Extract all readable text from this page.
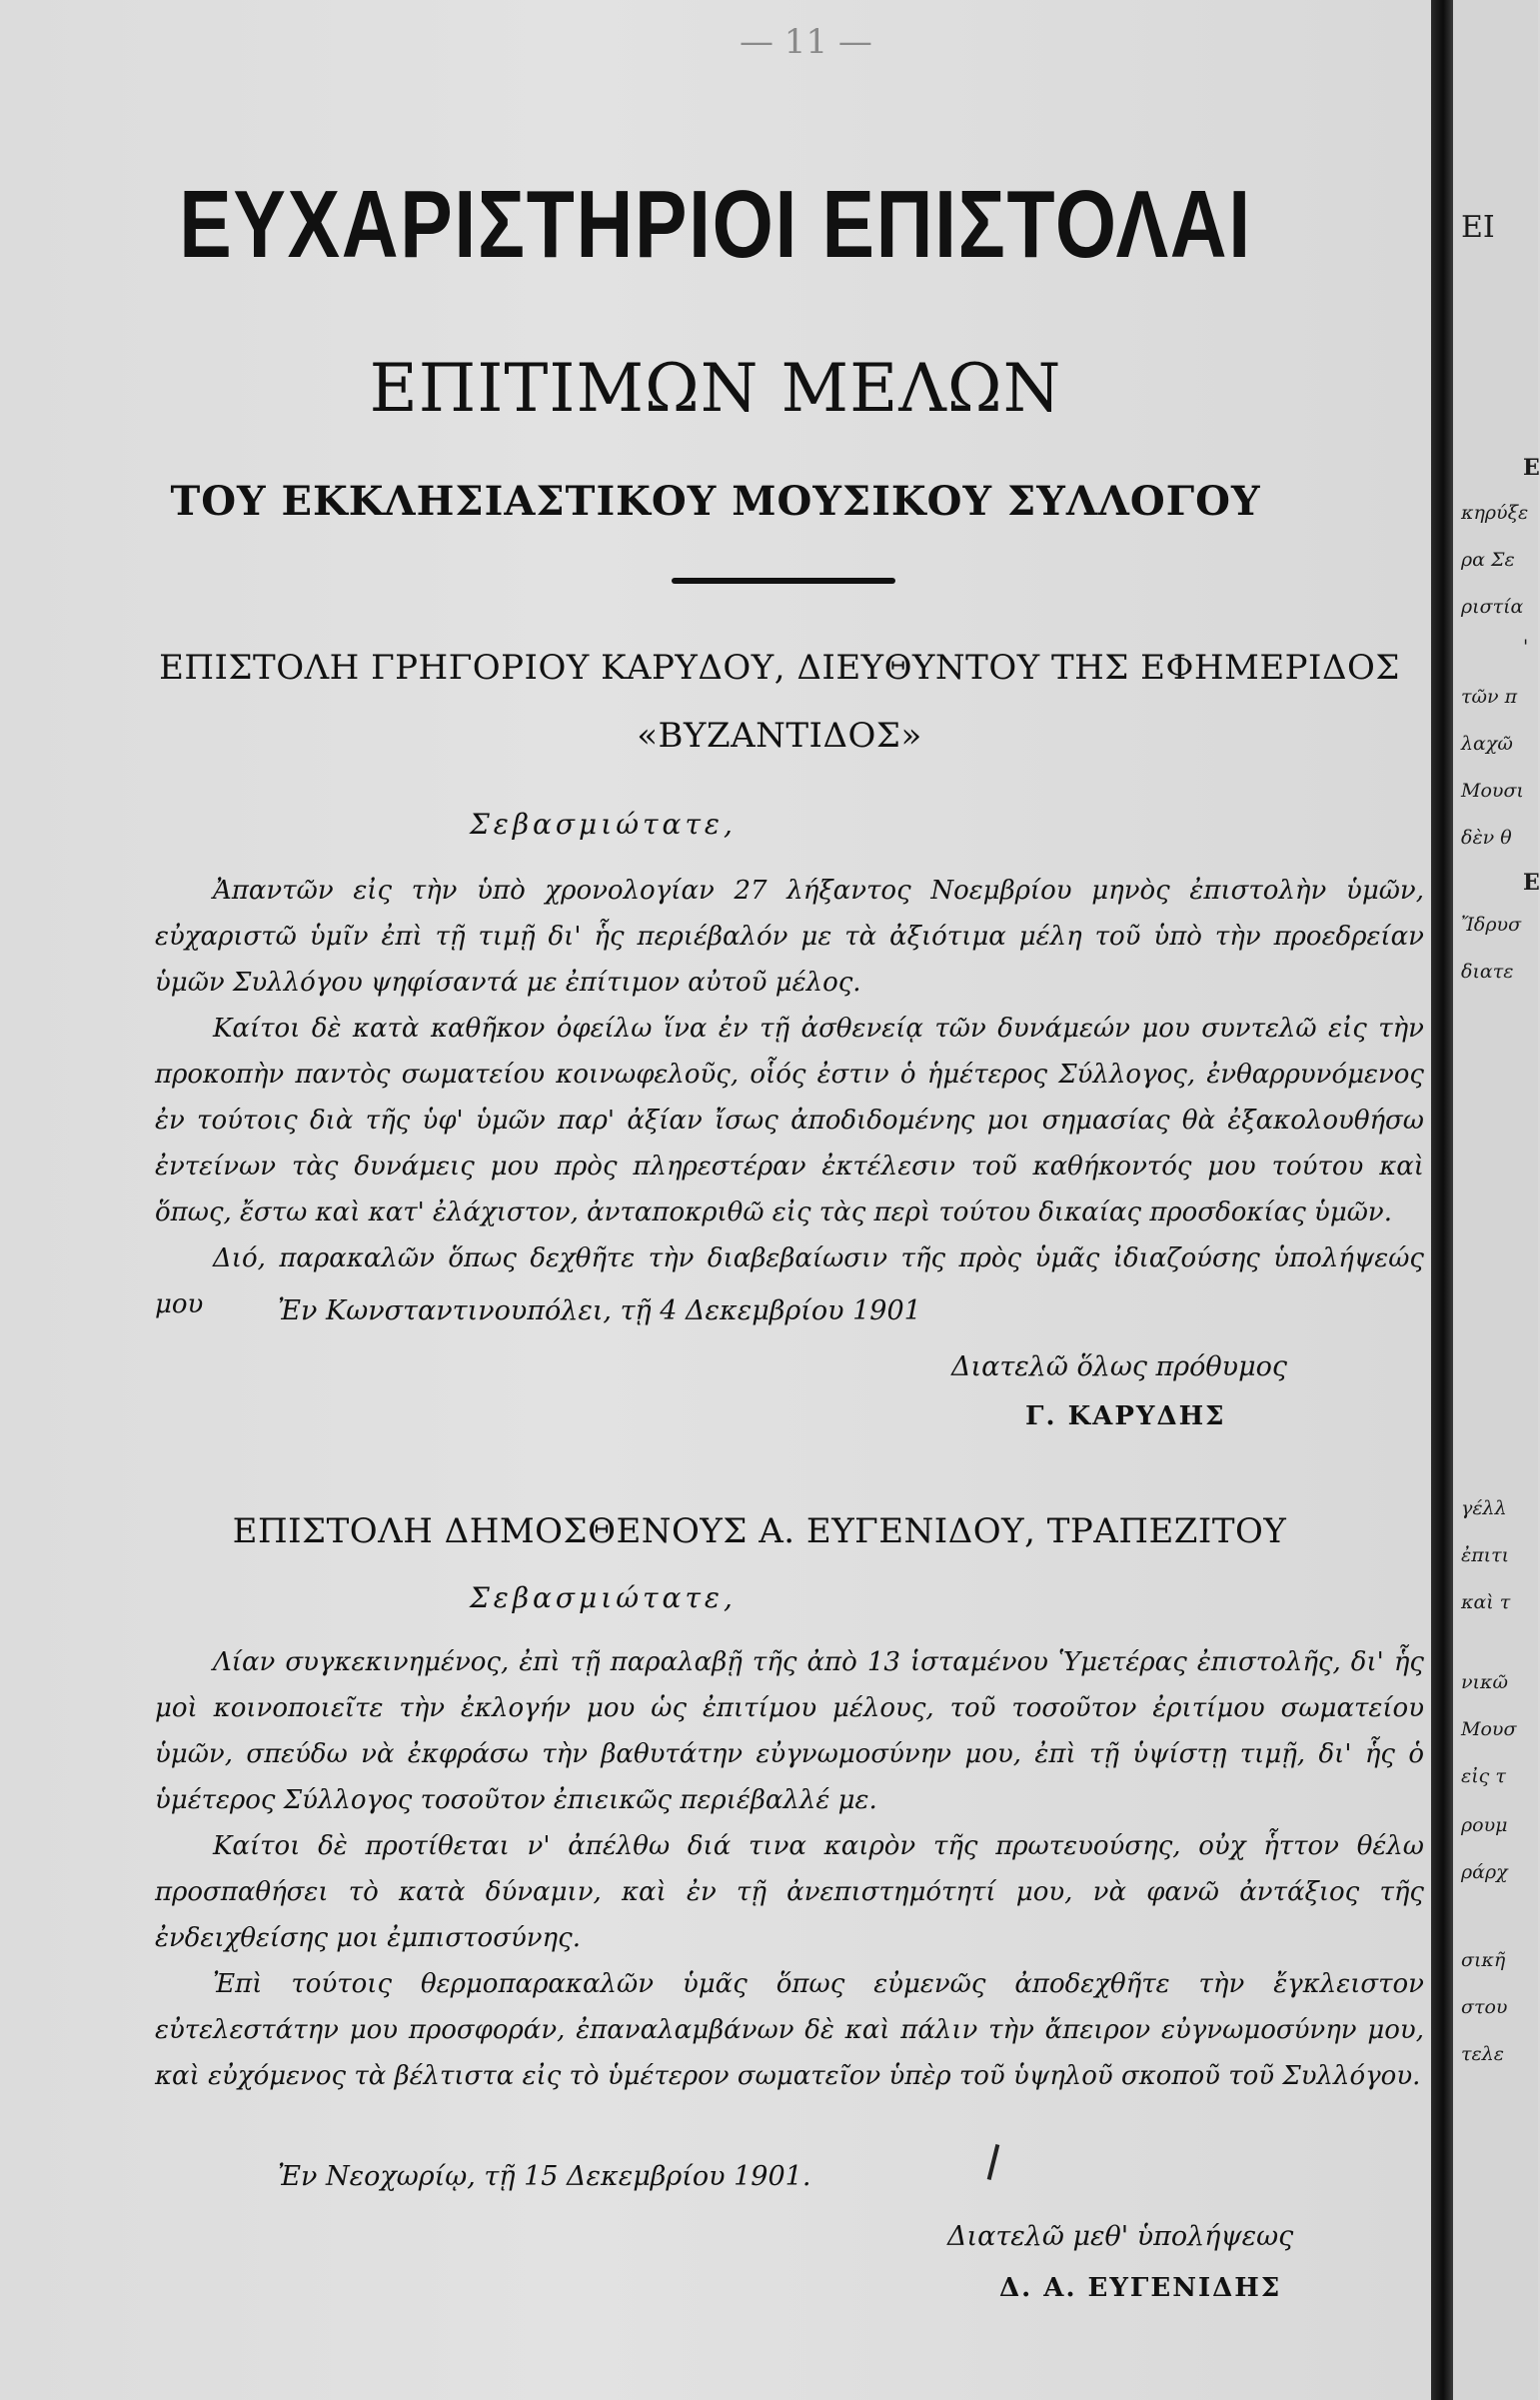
— 11 —
ΕΥΧΑΡΙΣΤΗΡΙΟΙ ΕΠΙΣΤΟΛΑΙ
ΕΠΙΤΙΜΩΝ ΜΕΛΩΝ
ΤΟΥ ΕΚΚΛΗΣΙΑΣΤΙΚΟΥ ΜΟΥΣΙΚΟΥ ΣΥΛΛΟΓΟΥ
ΕΠΙΣΤΟΛΗ ΓΡΗΓΟΡΙΟΥ ΚΑΡΥΔΟΥ, ΔΙΕΥΘΥΝΤΟΥ ΤΗΣ ΕΦΗΜΕΡΙΔΟΣ
«ΒΥΖΑΝΤΙΔΟΣ»
Σεβασμιώτατε,
Ἀπαντῶν εἰς τὴν ὑπὸ χρονολογίαν 27 λήξαντος Νοεμβρίου μηνὸς ἐπιστολὴν ὑμῶν, εὐχαριστῶ ὑμῖν ἐπὶ τῇ τιμῇ δι' ἧς περιέβαλόν με τὰ ἀξιότιμα μέλη τοῦ ὑπὸ τὴν προεδρείαν ὑμῶν Συλλόγου ψηφίσαντά με ἐπίτιμον αὐτοῦ μέλος.
Καίτοι δὲ κατὰ καθῆκον ὀφείλω ἵνα ἐν τῇ ἀσθενείᾳ τῶν δυνάμεών μου συντελῶ εἰς τὴν προκοπὴν παντὸς σωματείου κοινωφελοῦς, οἷός ἐστιν ὁ ἡμέτερος Σύλλογος, ἐνθαρρυνόμενος ἐν τούτοις διὰ τῆς ὑφ' ὑμῶν παρ' ἀξίαν ἴσως ἀποδιδομένης μοι σημασίας θὰ ἐξακολουθήσω ἐντείνων τὰς δυνάμεις μου πρὸς πληρεστέραν ἐκτέλεσιν τοῦ καθήκοντός μου τούτου καὶ ὅπως, ἔστω καὶ κατ' ἐλάχιστον, ἀνταποκριθῶ εἰς τὰς περὶ τούτου δικαίας προσδοκίας ὑμῶν.
Διό, παρακαλῶν ὅπως δεχθῆτε τὴν διαβεβαίωσιν τῆς πρὸς ὑμᾶς ἰδιαζούσης ὑπολήψεώς μου	Ἐν Κωνσταντινουπόλει, τῇ 4 Δεκεμβρίου 1901
Διατελῶ ὅλως πρόθυμος
Γ. ΚΑΡΥΔΗΣ
ΕΠΙΣΤΟΛΗ ΔΗΜΟΣΘΕΝΟΥΣ Α. ΕΥΓΕΝΙΔΟΥ, ΤΡΑΠΕΖΙΤΟΥ
Σεβασμιώτατε,
Λίαν συγκεκινημένος, ἐπὶ τῇ παραλαβῇ τῆς ἀπὸ 13 ἱσταμένου Ὑμετέρας ἐπιστολῆς, δι' ἧς μοὶ κοινοποιεῖτε τὴν ἐκλογήν μου ὡς ἐπιτίμου μέλους, τοῦ τοσοῦτον ἐριτίμου σωματείου ὑμῶν, σπεύδω νὰ ἐκφράσω τὴν βαθυτάτην εὐγνωμοσύνην μου, ἐπὶ τῇ ὑψίστῃ τιμῇ, δι' ἧς ὁ ὑμέτερος Σύλλογος τοσοῦτον ἐπιεικῶς περιέβαλλέ με.
Καίτοι δὲ προτίθεται ν' ἀπέλθω διά τινα καιρὸν τῆς πρωτευούσης, οὐχ ἧττον θέλω προσπαθήσει τὸ κατὰ δύναμιν, καὶ ἐν τῇ ἀνεπιστημότητί μου, νὰ φανῶ ἀντάξιος τῆς ἐνδειχθείσης μοι ἐμπιστοσύνης.
Ἐπὶ τούτοις θερμοπαρακαλῶν ὑμᾶς ὅπως εὐμενῶς ἀποδεχθῆτε τὴν ἔγκλειστον εὐτελεστάτην μου προσφοράν, ἐπαναλαμβάνων δὲ καὶ πάλιν τὴν ἄπειρον εὐγνωμοσύνην μου, καὶ εὐχόμενος τὰ βέλτιστα εἰς τὸ ὑμέτερον σωματεῖον ὑπὲρ τοῦ ὑψηλοῦ σκοποῦ τοῦ Συλλόγου.
Ἐν Νεοχωρίῳ, τῇ 15 Δεκεμβρίου 1901.
Διατελῶ μεθ' ὑπολήψεως
Δ. Α. ΕΥΓΕΝΙΔΗΣ
ΕΙ
Ε
κηρύξε
ρα Σε
ριστία
'
τῶν π
λαχῶ
Μουσι
δὲν θ
Ε
Ἴδρυσ
διατε
γέλλ
ἐπιτι
καὶ τ
νικῶ
Μουσ
εἰς τ
ρουμ
ράρχ
σικῆ
στου
τελε
